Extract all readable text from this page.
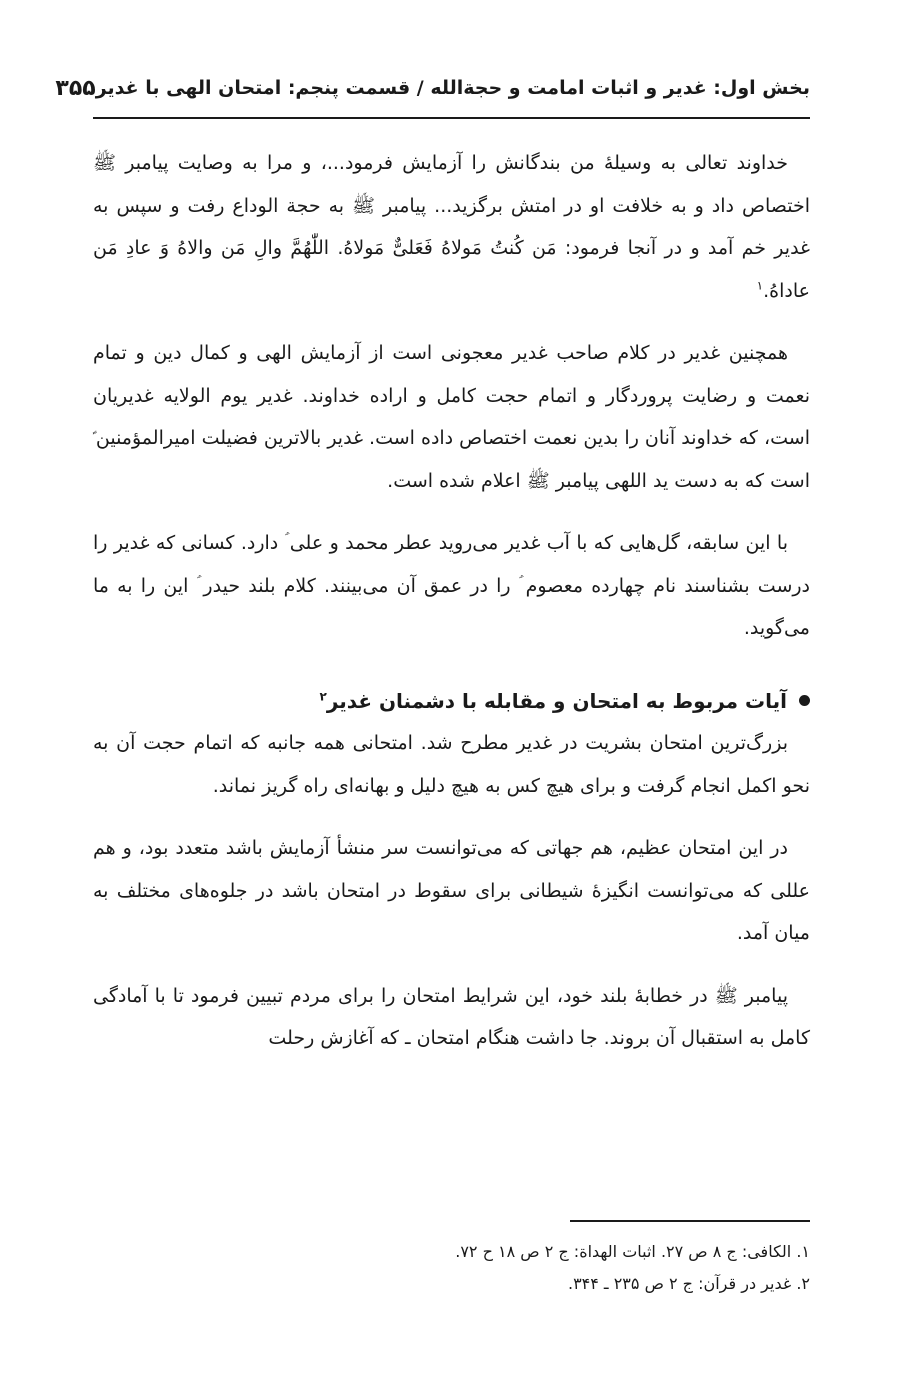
بخش اول: غدیر و اثبات امامت و حجة‌الله / قسمت پنجم: امتحان الهی با غدیر
۳۵۵

خداوند تعالی به وسیلهٔ من بندگانش را آزمایش فرمود...، و مرا به وصایت پیامبر ﷺ اختصاص داد و به خلافت او در امتش برگزید... پیامبر ﷺ به حجة الوداع رفت و سپس به غدیر خم آمد و در آنجا فرمود: مَن کُنتُ مَولاهُ فَعَلیٌّ مَولاهُ. اللّٰهُمَّ والِ مَن والاهُ وَ عادِ مَن عاداهُ.$^۱$

همچنین غدیر در کلام صاحب غدیر معجونی است از آزمایش الهی و کمال دین و تمام نعمت و رضایت پروردگار و اتمام حجت کامل و اراده خداوند. غدیر یوم الولایه غدیریان است، که خداوند آنان را بدین نعمت اختصاص داده است. غدیر بالاترین فضیلت امیرالمؤمنین ؑ است که به دست ید اللهی پیامبر ﷺ اعلام شده است.

با این سابقه، گل‌هایی که با آب غدیر می‌روید عطر محمد و علی ؑ دارد. کسانی که غدیر را درست بشناسند نام چهارده معصوم ؑ را در عمق آن می‌بینند. کلام بلند حیدر ؑ این را به ما می‌گوید.

آیات مربوط به امتحان و مقابله با دشمنان غدیر$^۲$

بزرگ‌ترین امتحان بشریت در غدیر مطرح شد. امتحانی همه جانبه که اتمام حجت آن به نحو اکمل انجام گرفت و برای هیچ کس به هیچ دلیل و بهانه‌ای راه گریز نماند.

در این امتحان عظیم، هم جهاتی که می‌توانست سر منشأ آزمایش باشد متعدد بود، و هم عللی که می‌توانست انگیزهٔ شیطانی برای سقوط در امتحان باشد در جلوه‌های مختلف به میان آمد.

پیامبر ﷺ در خطابهٔ بلند خود، این شرایط امتحان را برای مردم تبیین فرمود تا با آمادگی کامل به استقبال آن بروند. جا داشت هنگام امتحان ـ که آغازش رحلت

۱. الکافی: ج ۸ ص ۲۷. اثبات الهداة: ج ۲ ص ۱۸ ح ۷۲.

۲. غدیر در قرآن: ج ۲ ص ۲۳۵ ـ ۳۴۴.
